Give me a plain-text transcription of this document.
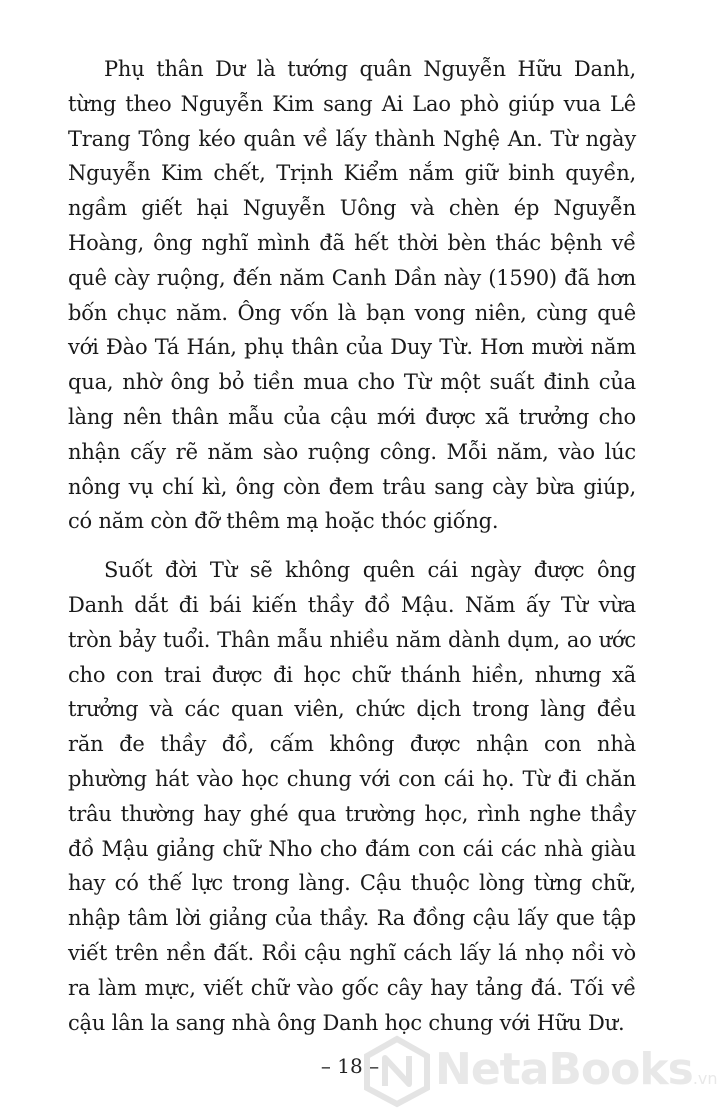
Phụ thân Dư là tướng quân Nguyễn Hữu Danh, từng theo Nguyễn Kim sang Ai Lao phò giúp vua Lê Trang Tông kéo quân về lấy thành Nghệ An. Từ ngày Nguyễn Kim chết, Trịnh Kiểm nắm giữ binh quyền, ngầm giết hại Nguyễn Uông và chèn ép Nguyễn Hoàng, ông nghĩ mình đã hết thời bèn thác bệnh về quê cày ruộng, đến năm Canh Dần này (1590) đã hơn bốn chục năm. Ông vốn là bạn vong niên, cùng quê với Đào Tá Hán, phụ thân của Duy Từ. Hơn mười năm qua, nhờ ông bỏ tiền mua cho Từ một suất đinh của làng nên thân mẫu của cậu mới được xã trưởng cho nhận cấy rẽ năm sào ruộng công. Mỗi năm, vào lúc nông vụ chí kì, ông còn đem trâu sang cày bừa giúp, có năm còn đỡ thêm mạ hoặc thóc giống.

Suốt đời Từ sẽ không quên cái ngày được ông Danh dắt đi bái kiến thầy đồ Mậu. Năm ấy Từ vừa tròn bảy tuổi. Thân mẫu nhiều năm dành dụm, ao ước cho con trai được đi học chữ thánh hiền, nhưng xã trưởng và các quan viên, chức dịch trong làng đều răn đe thầy đồ, cấm không được nhận con nhà phường hát vào học chung với con cái họ. Từ đi chăn trâu thường hay ghé qua trường học, rình nghe thầy đồ Mậu giảng chữ Nho cho đám con cái các nhà giàu hay có thế lực trong làng. Cậu thuộc lòng từng chữ, nhập tâm lời giảng của thầy. Ra đồng cậu lấy que tập viết trên nền đất. Rồi cậu nghĩ cách lấy lá nhọ nồi vò ra làm mực, viết chữ vào gốc cây hay tảng đá. Tối về cậu lân la sang nhà ông Danh học chung với Hữu Dư.

– 18 –	NetaBooks.vn
